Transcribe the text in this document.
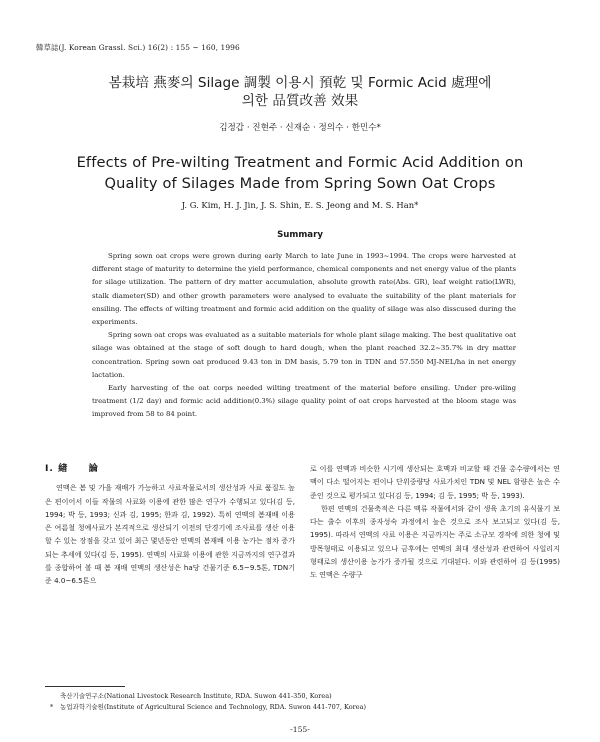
韓草誌(J. Korean Grassl. Sci.) 16(2) : 155 ~ 160, 1996
봄栽培 燕麥의 Silage 調製 이용시 預乾 및 Formic Acid 處理에
의한 品質改善 效果
김정갑 · 진현주 · 신재순 · 정의수 · 한민수*
Effects of Pre-wilting Treatment and Formic Acid Addition on
Quality of Silages Made from Spring Sown Oat Crops
J. G. Kim, H. J. Jin, J. S. Shin, E. S. Jeong and M. S. Han*
Summary

Spring sown oat crops were grown during early March to late June in 1993~1994. The crops were harvested at different stage of maturity to determine the yield performance, chemical components and net energy value of the plants for silage utilization. The pattern of dry matter accumulation, absolute growth rate(Abs. GR), leaf weight ratio(LWR), stalk diameter(SD) and other growth parameters were analysed to evaluate the suitability of the plant materials for ensiling. The effects of wilting treatment and formic acid addition on the quality of silage was also disscused during the experiments.

Spring sown oat crops was evaluated as a suitable materials for whole plant silage making. The best qualitative oat silage was obtained at the stage of soft dough to hard dough, when the plant reached 32.2~35.7% in dry matter concentration. Spring sown oat produced 9.43 ton in DM basis, 5.79 ton in TDN and 57.550 MJ-NEL/ha in net energy lactation.

Early harvesting of the oat corps needed wilting treatment of the material before ensiling. Under pre-wiling treatment (1/2 day) and formic acid addition(0.3%) silage quality point of oat crops harvested at the bloom stage was improved from 58 to 84 point.

I. 緖　　論

연맥은 봄 및 가을 재배가 가능하고 사료작물로서의 생산성과 사료 품질도 높은 편이어서 이들 작물의 사료화 이용에 관한 많은 연구가 수행되고 있다(김 등, 1994; 박 등, 1993; 신과 김, 1995; 한과 김, 1992). 특히 연맥의 봄재배 이용은 여름철 청예사료가 본격적으로 생산되기 이전의 단경기에 조사료를 생산 이용할 수 있는 장점을 갖고 있어 최근 몇년동안 연맥의 봄재배 이용 농가는 점차 증가되는 추세에 있다(김 등, 1995). 연맥의 사료화 이용에 관한 지금까지의 연구결과를 종합하여 볼 때 봄 재배 연맥의 생산성은 ha당 건물기준 6.5~9.5톤, TDN기준 4.0~6.5톤으

로 이를 연맥과 비슷한 시기에 생산되는 호맥과 비교할 때 건물 총수량에서는 연맥이 다소 떨어지는 편이나 단위중량당 사료가치인 TDN 및 NEL 함량은 높은 수준인 것으로 평가되고 있다(김 등, 1994; 김 등, 1995; 박 등, 1993).

한편 연맥의 건물축적은 다른 맥류 작물에서와 같이 생육 초기의 유식물기 보다는 출수 이후의 종자성숙 과정에서 높은 것으로 조사 보고되고 있다(김 등, 1995). 따라서 연맥의 사료 이용은 지금까지는 주로 소규모 경작에 의한 청예 및 방목형태로 이용되고 있으나 금후에는 연맥의 최대 생산성과 관련하여 사일리지 형태로의 생산이용 농가가 증가될 것으로 기대된다. 이와 관련하여 김 등(1995)도 연맥은 수량구

축산기술연구소(National Livestock Research Institute, RDA. Suwon 441-350, Korea)
* 농업과학기술원(Institute of Agricultural Science and Technology, RDA. Suwon 441-707, Korea)
-155-
